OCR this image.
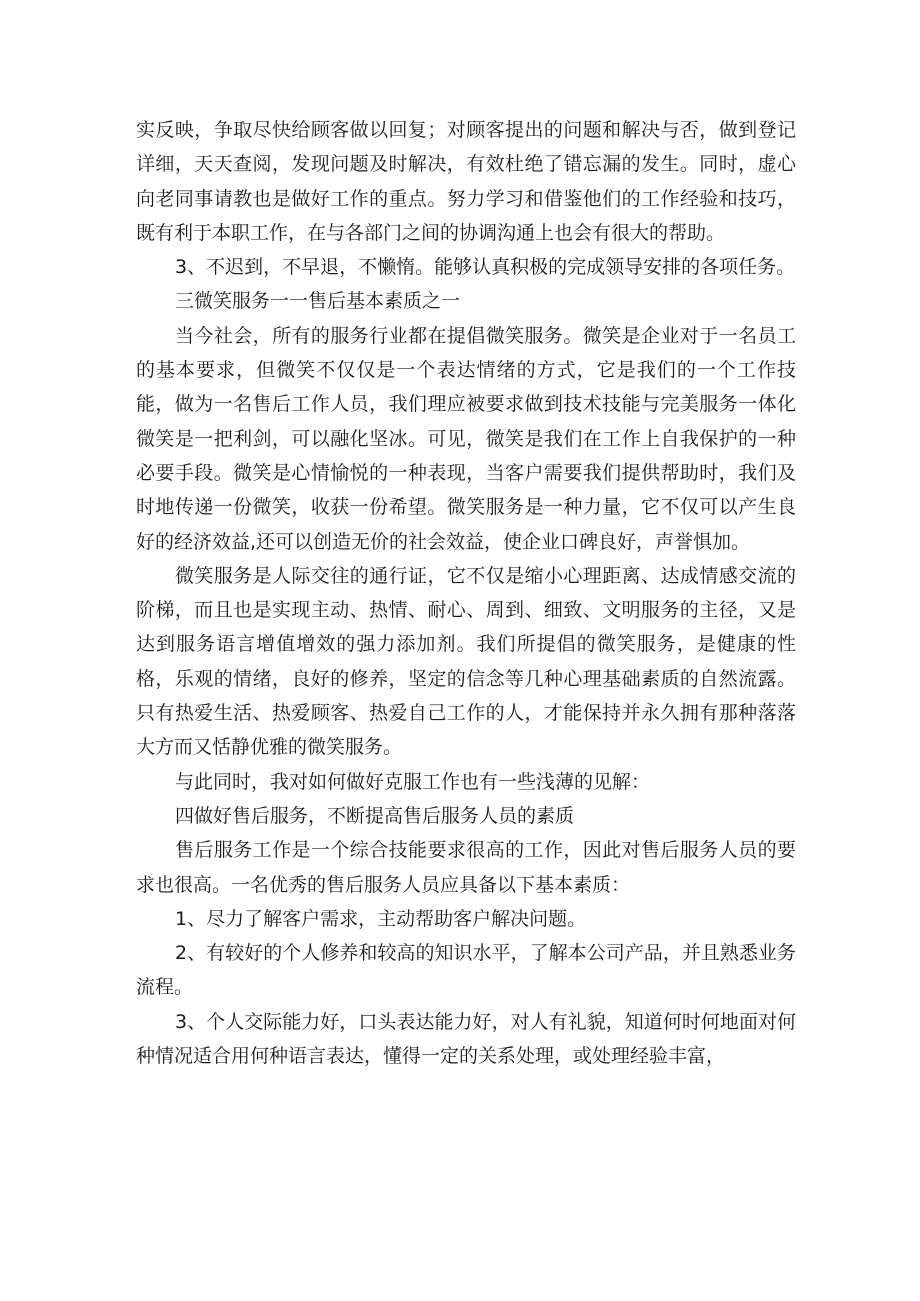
实反映，争取尽快给顾客做以回复；对顾客提出的问题和解决与否，做到登记详细，天天查阅，发现问题及时解决，有效杜绝了错忘漏的发生。同时，虚心向老同事请教也是做好工作的重点。努力学习和借鉴他们的工作经验和技巧，既有利于本职工作，在与各部门之间的协调沟通上也会有很大的帮助。

3、不迟到，不早退，不懒惰。能够认真积极的完成领导安排的各项任务。

三微笑服务一一售后基本素质之一

当今社会，所有的服务行业都在提倡微笑服务。微笑是企业对于一名员工的基本要求，但微笑不仅仅是一个表达情绪的方式，它是我们的一个工作技能，做为一名售后工作人员，我们理应被要求做到技术技能与完美服务一体化微笑是一把利剑，可以融化坚冰。可见，微笑是我们在工作上自我保护的一种必要手段。微笑是心情愉悦的一种表现，当客户需要我们提供帮助时，我们及时地传递一份微笑，收获一份希望。微笑服务是一种力量，它不仅可以产生良好的经济效益,还可以创造无价的社会效益，使企业口碑良好，声誉惧加。

微笑服务是人际交往的通行证，它不仅是缩小心理距离、达成情感交流的阶梯，而且也是实现主动、热情、耐心、周到、细致、文明服务的主径，又是达到服务语言增值增效的强力添加剂。我们所提倡的微笑服务，是健康的性格，乐观的情绪，良好的修养，坚定的信念等几种心理基础素质的自然流露。只有热爱生活、热爱顾客、热爱自己工作的人，才能保持并永久拥有那种落落大方而又恬静优雅的微笑服务。

与此同时，我对如何做好克服工作也有一些浅薄的见解：

四做好售后服务，不断提高售后服务人员的素质

售后服务工作是一个综合技能要求很高的工作，因此对售后服务人员的要求也很高。一名优秀的售后服务人员应具备以下基本素质：

1、尽力了解客户需求，主动帮助客户解决问题。

2、有较好的个人修养和较高的知识水平，了解本公司产品，并且熟悉业务流程。

3、个人交际能力好，口头表达能力好，对人有礼貌，知道何时何地面对何种情况适合用何种语言表达，懂得一定的关系处理，或处理经验丰富，
